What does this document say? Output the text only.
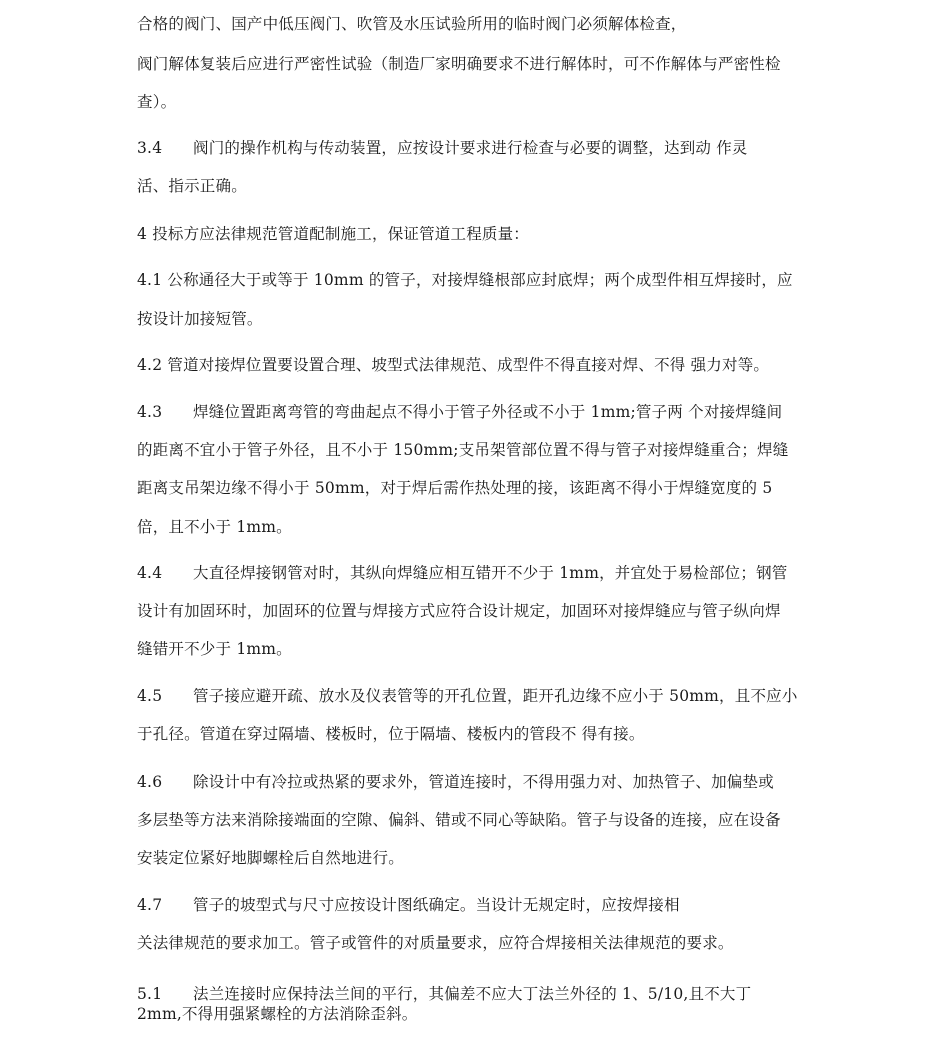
合格的阀门、国产中低压阀门、吹管及水压试验所用的临时阀门必须解体检查，
阀门解体复装后应进行严密性试验（制造厂家明确要求不进行解体时，可不作解体与严密性检
查）。
3.4 阀门的操作机构与传动装置，应按设计要求进行检查与必要的调整，达到动 作灵
活、指示正确。
4 投标方应法律规范管道配制施工，保证管道工程质量：
4.1 公称通径大于或等于 10mm 的管子，对接焊缝根部应封底焊；两个成型件相互焊接时，应
按设计加接短管。
4.2 管道对接焊位置要设置合理、坡型式法律规范、成型件不得直接对焊、不得 强力对等。
4.3 焊缝位置距离弯管的弯曲起点不得小于管子外径或不小于 1mm;管子两 个对接焊缝间
的距离不宜小于管子外径，且不小于 150mm;支吊架管部位置不得与管子对接焊缝重合；焊缝
距离支吊架边缘不得小于 50mm，对于焊后需作热处理的接，该距离不得小于焊缝宽度的 5
倍，且不小于 1mm。
4.4 大直径焊接钢管对时，其纵向焊缝应相互错开不少于 1mm，并宜处于易检部位；钢管
设计有加固环时，加固环的位置与焊接方式应符合设计规定，加固环对接焊缝应与管子纵向焊
缝错开不少于 1mm。
4.5 管子接应避开疏、放水及仪表管等的开孔位置，距开孔边缘不应小于 50mm，且不应小
于孔径。管道在穿过隔墙、楼板时，位于隔墙、楼板内的管段不 得有接。
4.6 除设计中有冷拉或热紧的要求外，管道连接时，不得用强力对、加热管子、加偏垫或
多层垫等方法来消除接端面的空隙、偏斜、错或不同心等缺陷。管子与设备的连接，应在设备
安装定位紧好地脚螺栓后自然地进行。
4.7 管子的坡型式与尺寸应按设计图纸确定。当设计无规定时，应按焊接相
关法律规范的要求加工。管子或管件的对质量要求，应符合焊接相关法律规范的要求。
5.1 法兰连接时应保持法兰间的平行，其偏差不应大丁法兰外径的 1、5/10,且不大丁
2mm,不得用强紧螺栓的方法消除歪斜。
